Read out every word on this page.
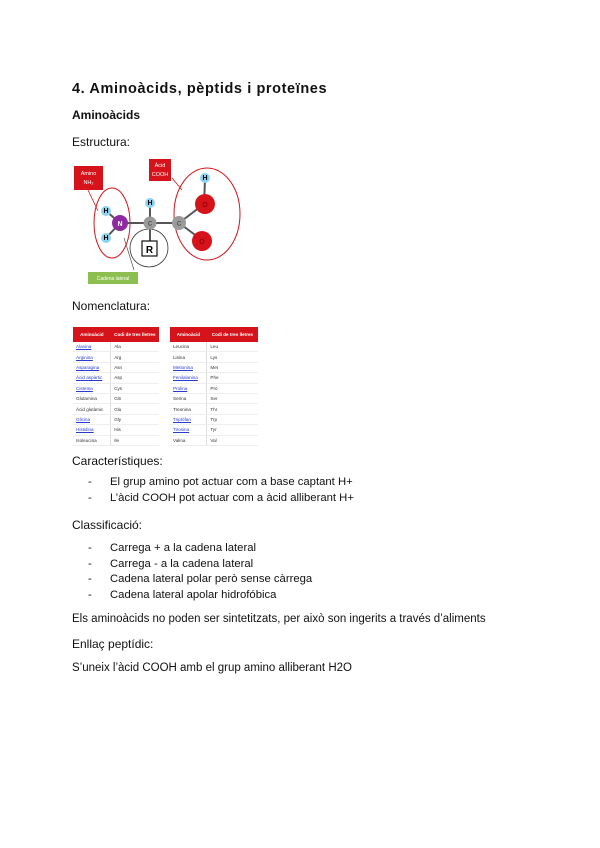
4. Aminoàcids, pèptids i proteïnes
Aminoàcids
Estructura:
Amino
NH₂
Àcid
COOH
H
H
N
H
C
R
C
H
O
O
Cadena lateral
Nomenclatura:
Aminoàcid	Codi de tres lletres
Alanina	Ala
Arginina	Arg
Asparagina	Asn
Àcid aspàrtic	Asp
Cisteïna	Cys
Glutamina	Gln
Àcid glutàmic	Glu
Glicina	Gly
Histidina	His
Isoleucina	Ile
Aminoàcid	Codi de tres lletres
Leucina	Leu
Lisina	Lys
Metionina	Met
Fenilalanina	Phe
Prolina	Pro
Serina	Ser
Treonina	Thr
Triptòfan	Trp
Tirosina	Tyr
Valina	Val
Característiques:
- El grup amino pot actuar com a base captant H+
- L’àcid COOH pot actuar com a àcid alliberant H+
Classificació:
- Carrega + a la cadena lateral
- Carrega - a la cadena lateral
- Cadena lateral polar però sense càrrega
- Cadena lateral apolar hidrofóbica
Els aminoàcids no poden ser sintetitzats, per això son ingerits a través d’aliments
Enllaç peptídic:
S’uneix l’àcid COOH amb el grup amino alliberant H2O
